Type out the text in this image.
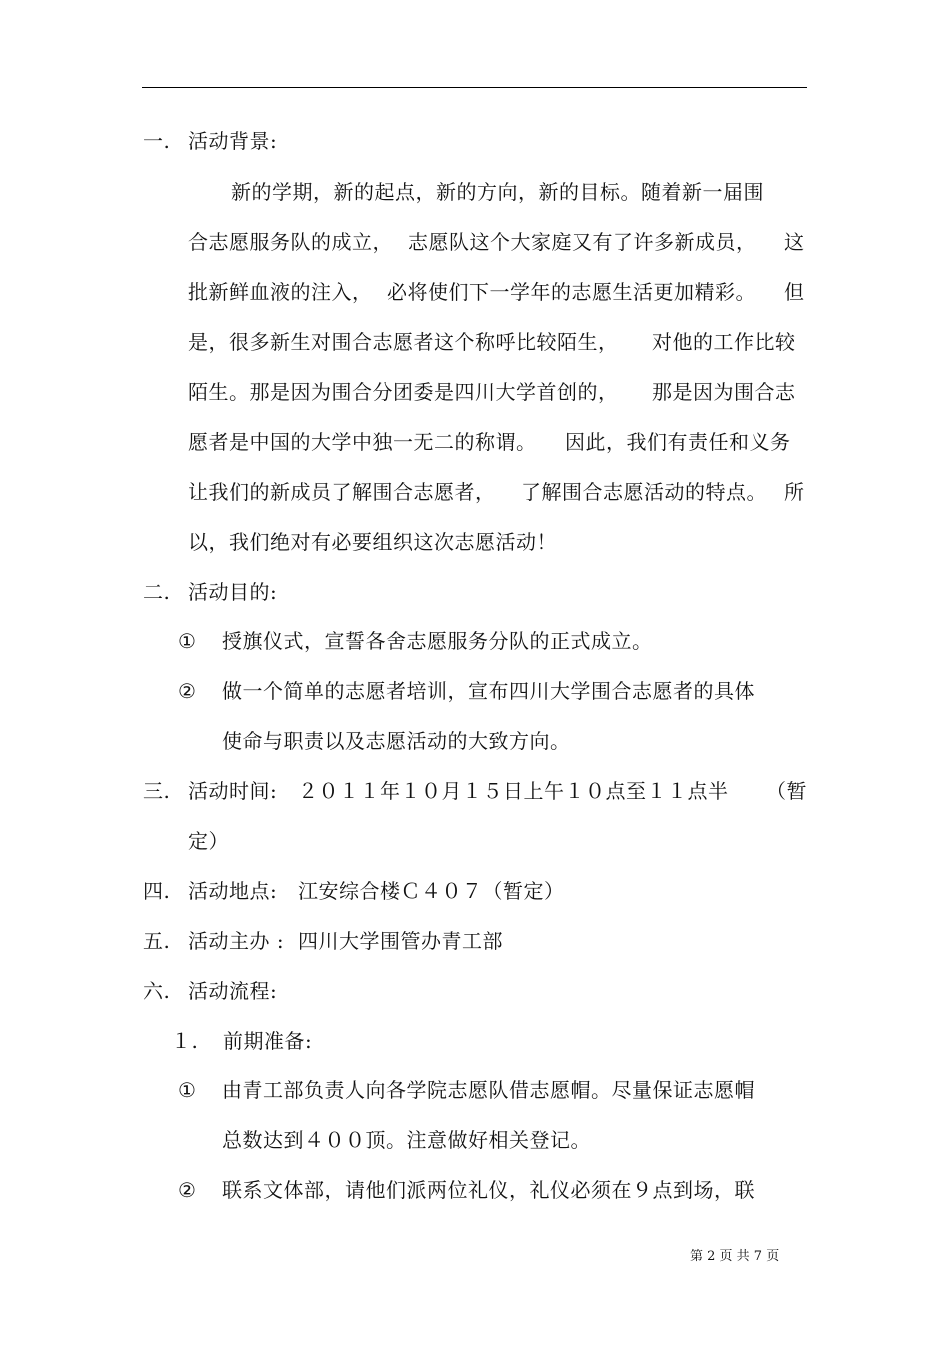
一. 活动背景:
新的学期，新的起点，新的方向，新的目标。随着新一届围
合志愿服务队的成立， 志愿队这个大家庭又有了许多新成员， 这
批新鲜血液的注入， 必将使们下一学年的志愿生活更加精彩。 但
是，很多新生对围合志愿者这个称呼比较陌生， 对他的工作比较
陌生。那是因为围合分团委是四川大学首创的， 那是因为围合志
愿者是中国的大学中独一无二的称谓。 因此，我们有责任和义务
让我们的新成员了解围合志愿者， 了解围合志愿活动的特点。 所
以，我们绝对有必要组织这次志愿活动！
二. 活动目的:
① 授旗仪式，宣誓各舍志愿服务分队的正式成立。
② 做一个简单的志愿者培训，宣布四川大学围合志愿者的具体
使命与职责以及志愿活动的大致方向。
三. 活动时间: ２０１１年１０月１５日上午１０点至１１点半 （暂
定）
四. 活动地点: 江安综合楼Ｃ４０７（暂定）
五. 活动主办 : 四川大学围管办青工部
六. 活动流程:
１. 前期准备:
① 由青工部负责人向各学院志愿队借志愿帽。尽量保证志愿帽
总数达到４００顶。注意做好相关登记。
② 联系文体部，请他们派两位礼仪，礼仪必须在９点到场，联
第 2 页 共 7 页
